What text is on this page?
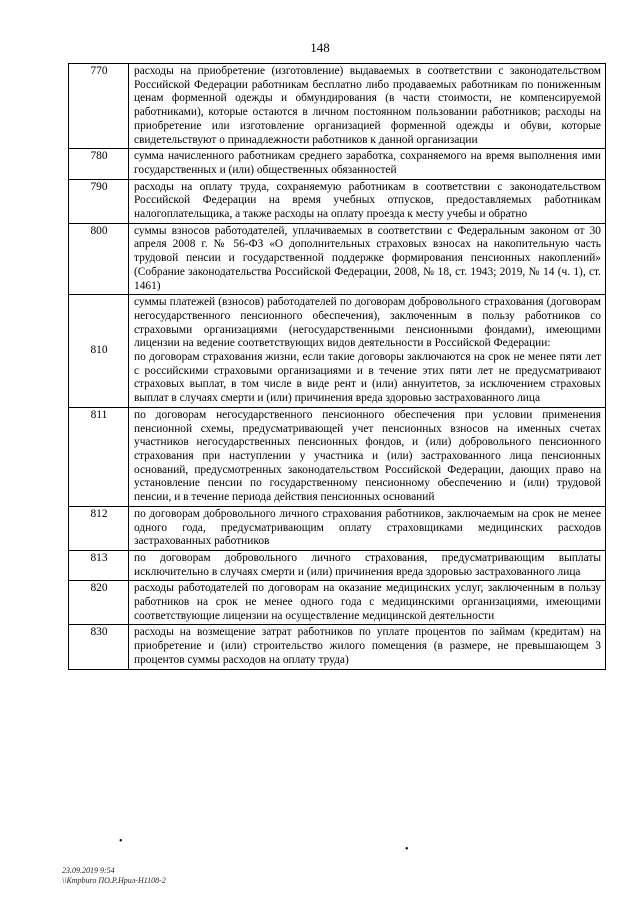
148
770	расходы на приобретение (изготовление) выдаваемых в соответствии с законодательством Российской Федерации работникам бесплатно либо продаваемых работникам по пониженным ценам форменной одежды и обмундирования (в части стоимости, не компенсируемой работниками), которые остаются в личном постоянном пользовании работников; расходы на приобретение или изготовление организацией форменной одежды и обуви, которые свидетельствуют о принадлежности работников к данной организации
780	сумма начисленного работникам среднего заработка, сохраняемого на время выполнения ими государственных и (или) общественных обязанностей
790	расходы на оплату труда, сохраняемую работникам в соответствии с законодательством Российской Федерации на время учебных отпусков, предоставляемых работникам налогоплательщика, а также расходы на оплату проезда к месту учебы и обратно
800	суммы взносов работодателей, уплачиваемых в соответствии с Федеральным законом от 30 апреля 2008 г. № 56-ФЗ «О дополнительных страховых взносах на накопительную часть трудовой пенсии и государственной поддержке формирования пенсионных накоплений» (Собрание законодательства Российской Федерации, 2008, № 18, ст. 1943; 2019, № 14 (ч. 1), ст. 1461)
810	суммы платежей (взносов) работодателей по договорам добровольного страхования (договорам негосударственного пенсионного обеспечения), заключенным в пользу работников со страховыми организациями (негосударственными пенсионными фондами), имеющими лицензии на ведение соответствующих видов деятельности в Российской Федерации:
по договорам страхования жизни, если такие договоры заключаются на срок не менее пяти лет с российскими страховыми организациями и в течение этих пяти лет не предусматривают страховых выплат, в том числе в виде рент и (или) аннуитетов, за исключением страховых выплат в случаях смерти и (или) причинения вреда здоровью застрахованного лица
811	по договорам негосударственного пенсионного обеспечения при условии применения пенсионной схемы, предусматривающей учет пенсионных взносов на именных счетах участников негосударственных пенсионных фондов, и (или) добровольного пенсионного страхования при наступлении у участника и (или) застрахованного лица пенсионных оснований, предусмотренных законодательством Российской Федерации, дающих право на установление пенсии по государственному пенсионному обеспечению и (или) трудовой пенсии, и в течение периода действия пенсионных оснований
812	по договорам добровольного личного страхования работников, заключаемым на срок не менее одного года, предусматривающим оплату страховщиками медицинских расходов застрахованных работников
813	по договорам добровольного личного страхования, предусматривающим выплаты исключительно в случаях смерти и (или) причинения вреда здоровью застрахованного лица
820	расходы работодателей по договорам на оказание медицинских услуг, заключенным в пользу работников на срок не менее одного года с медицинскими организациями, имеющими соответствующие лицензии на осуществление медицинской деятельности
830	расходы на возмещение затрат работников по уплате процентов по займам (кредитам) на приобретение и (или) строительство жилого помещения (в размере, не превышающем 3 процентов суммы расходов на оплату труда)
•
•
23.09.2019 9:54
\\Kmpburo ПО.Р.Нрил-Н1108-2
